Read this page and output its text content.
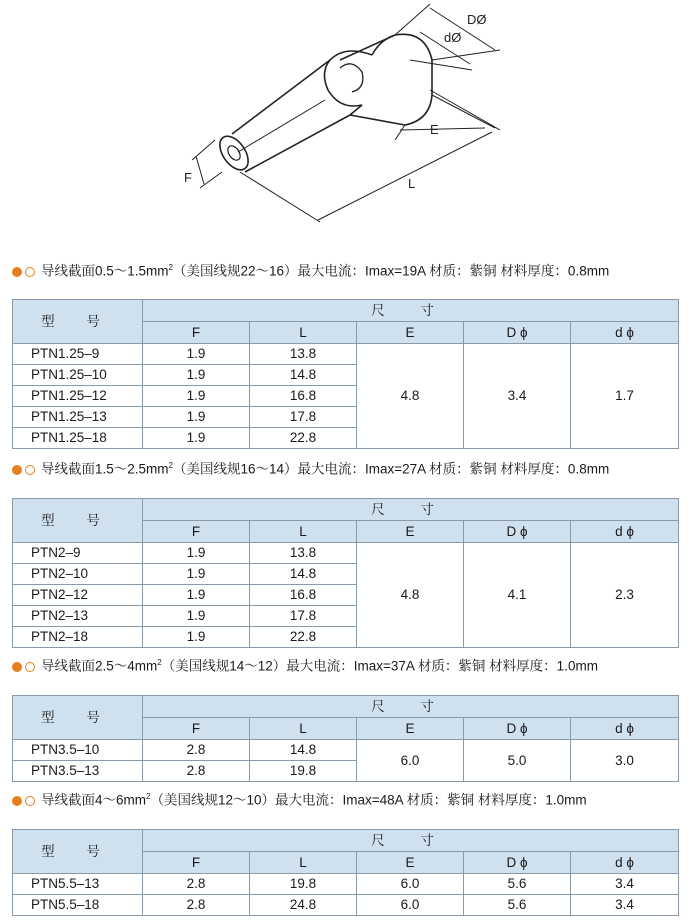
DØ
dØ
E
F	L
导线截面$0.5\sim 1.5mm^2$（美国线规22～16）最大电流：Imax=19A 材质：紫铜 材料厚度：0.8mm
型 号	尺 寸				
	F	L	E	D ϕ	d ϕ
PTN1.25–9	1.9	13.8	4.8	3.4	1.7
PTN1.25–10	1.9	14.8			
PTN1.25–12	1.9	16.8			
PTN1.25–13	1.9	17.8			
PTN1.25–18	1.9	22.8			
导线截面$1.5\sim 2.5mm^2$（美国线规16～14）最大电流：Imax=27A 材质：紫铜 材料厚度：0.8mm
型 号	尺 寸				
	F	L	E	D ϕ	d ϕ
PTN2–9	1.9	13.8	4.8	4.1	2.3
PTN2–10	1.9	14.8			
PTN2–12	1.9	16.8			
PTN2–13	1.9	17.8			
PTN2–18	1.9	22.8			
导线截面$2.5\sim 4mm^2$（美国线规14～12）最大电流：Imax=37A 材质：紫铜 材料厚度：1.0mm
型 号	尺 寸				
	F	L	E	D ϕ	d ϕ
PTN3.5–10	2.8	14.8	6.0	5.0	3.0
PTN3.5–13	2.8	19.8			
导线截面$4\sim 6mm^2$（美国线规12～10）最大电流：Imax=48A 材质：紫铜 材料厚度：1.0mm
型 号	尺 寸				
	F	L	E	D ϕ	d ϕ
PTN5.5–13	2.8	19.8	6.0	5.6	3.4
PTN5.5–18	2.8	24.8	6.0	5.6	3.4
